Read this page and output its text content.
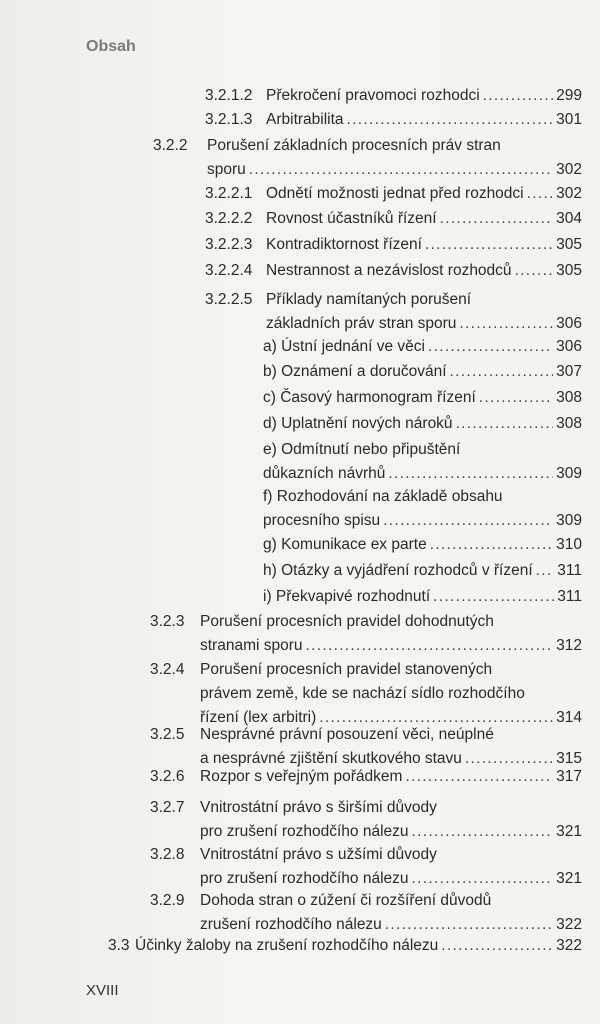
Obsah
3.2.1.2 Překročení pravomoci rozhodci . . .	299
3.2.1.3 Arbitrabilita . . .	301
3.2.2 Porušení základních procesních práv stran
sporu . . .	302
3.2.2.1 Odnětí možnosti jednat před rozhodci . . . 302
3.2.2.2 Rovnost účastníků řízení . . .	304
3.2.2.3 Kontradiktornost řízení . . .	305
3.2.2.4 Nestrannost a nezávislost rozhodců . . .	305
3.2.2.5 Příklady namítaných porušení
základních práv stran sporu . . .	306
a) Ústní jednání ve věci . . .	306
b) Oznámení a doručování . . .	307
c) Časový harmonogram řízení . . .	308
d) Uplatnění nových nároků . . .	308
e) Odmítnutí nebo připuštění
důkazních návrhů . . .	309
f) Rozhodování na základě obsahu
procesního spisu . . .	309
g) Komunikace ex parte . . .	310
h) Otázky a vyjádření rozhodců v řízení . . . 311
i) Překvapivé rozhodnutí . . .	311
3.2.3 Porušení procesních pravidel dohodnutých
stranami sporu . . .	312
3.2.4 Porušení procesních pravidel stanovených
právem země, kde se nachází sídlo rozhodčího
řízení (lex arbitri) . . .	314
3.2.5 Nesprávné právní posouzení věci, neúplné
a nesprávné zjištění skutkového stavu . . .	315
3.2.6 Rozpor s veřejným pořádkem . . .	317
3.2.7 Vnitrostátní právo s širšími důvody
pro zrušení rozhodčího nálezu . . .	321
3.2.8 Vnitrostátní právo s užšími důvody
pro zrušení rozhodčího nálezu . . .	321
3.2.9 Dohoda stran o zúžení či rozšíření důvodů
zrušení rozhodčího nálezu . . .	322
3.3 Účinky žaloby na zrušení rozhodčího nálezu . . .	322
XVIII
